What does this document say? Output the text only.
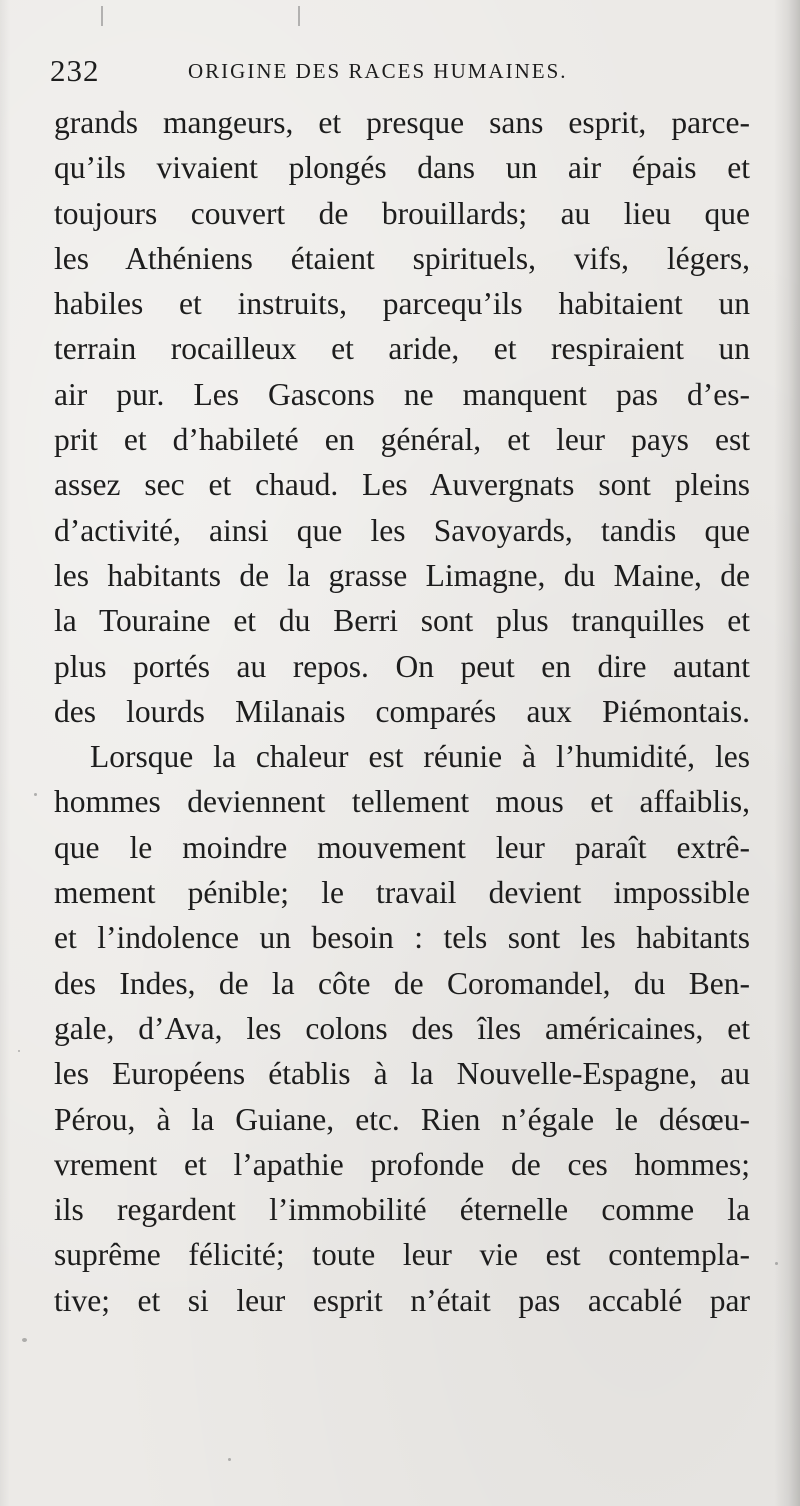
232	ORIGINE DES RACES HUMAINES.
grands mangeurs, et presque sans esprit, parce-
qu’ils vivaient plongés dans un air épais et
toujours couvert de brouillards; au lieu que
les Athéniens étaient spirituels, vifs, légers,
habiles et instruits, parcequ’ils habitaient un
terrain rocailleux et aride, et respiraient un
air pur. Les Gascons ne manquent pas d’es-
prit et d’habileté en général, et leur pays est
assez sec et chaud. Les Auvergnats sont pleins
d’activité, ainsi que les Savoyards, tandis que
les habitants de la grasse Limagne, du Maine, de
la Touraine et du Berri sont plus tranquilles et
plus portés au repos. On peut en dire autant
des lourds Milanais comparés aux Piémontais.
Lorsque la chaleur est réunie à l’humidité, les
hommes deviennent tellement mous et affaiblis,
que le moindre mouvement leur paraît extrê-
mement pénible; le travail devient impossible
et l’indolence un besoin : tels sont les habitants
des Indes, de la côte de Coromandel, du Ben-
gale, d’Ava, les colons des îles américaines, et
les Européens établis à la Nouvelle-Espagne, au
Pérou, à la Guiane, etc. Rien n’égale le désœu-
vrement et l’apathie profonde de ces hommes;
ils regardent l’immobilité éternelle comme la
suprême félicité; toute leur vie est contempla-
tive; et si leur esprit n’était pas accablé par
